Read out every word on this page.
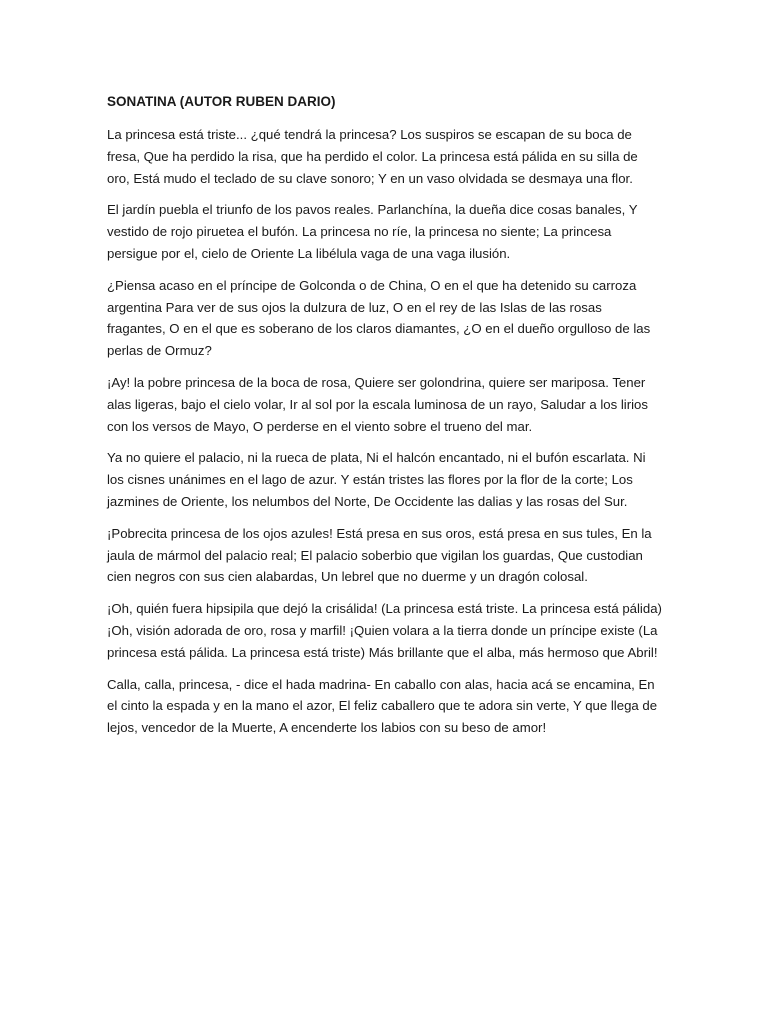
SONATINA (AUTOR RUBEN DARIO)

La princesa está triste... ¿qué tendrá la princesa? Los suspiros se escapan de su boca de fresa, Que ha perdido la risa, que ha perdido el color. La princesa está pálida en su silla de oro, Está mudo el teclado de su clave sonoro; Y en un vaso olvidada se desmaya una flor.

El jardín puebla el triunfo de los pavos reales. Parlanchína, la dueña dice cosas banales, Y vestido de rojo piruetea el bufón. La princesa no ríe, la princesa no siente; La princesa persigue por el, cielo de Oriente La libélula vaga de una vaga ilusión.

¿Piensa acaso en el príncipe de Golconda o de China, O en el que ha detenido su carroza argentina Para ver de sus ojos la dulzura de luz, O en el rey de las Islas de las rosas fragantes, O en el que es soberano de los claros diamantes, ¿O en el dueño orgulloso de las perlas de Ormuz?

¡Ay! la pobre princesa de la boca de rosa, Quiere ser golondrina, quiere ser mariposa. Tener alas ligeras, bajo el cielo volar, Ir al sol por la escala luminosa de un rayo, Saludar a los lirios con los versos de Mayo, O perderse en el viento sobre el trueno del mar.

Ya no quiere el palacio, ni la rueca de plata, Ni el halcón encantado, ni el bufón escarlata. Ni los cisnes unánimes en el lago de azur. Y están tristes las flores por la flor de la corte; Los jazmines de Oriente, los nelumbos del Norte, De Occidente las dalias y las rosas del Sur.

¡Pobrecita princesa de los ojos azules! Está presa en sus oros, está presa en sus tules, En la jaula de mármol del palacio real; El palacio soberbio que vigilan los guardas, Que custodian cien negros con sus cien alabardas, Un lebrel que no duerme y un dragón colosal.

¡Oh, quién fuera hipsipila que dejó la crisálida! (La princesa está triste. La princesa está pálida) ¡Oh, visión adorada de oro, rosa y marfil! ¡Quien volara a la tierra donde un príncipe existe (La princesa está pálida. La princesa está triste) Más brillante que el alba, más hermoso que Abril!

Calla, calla, princesa, - dice el hada madrina- En caballo con alas, hacia acá se encamina, En el cinto la espada y en la mano el azor, El feliz caballero que te adora sin verte, Y que llega de lejos, vencedor de la Muerte, A encenderte los labios con su beso de amor!
